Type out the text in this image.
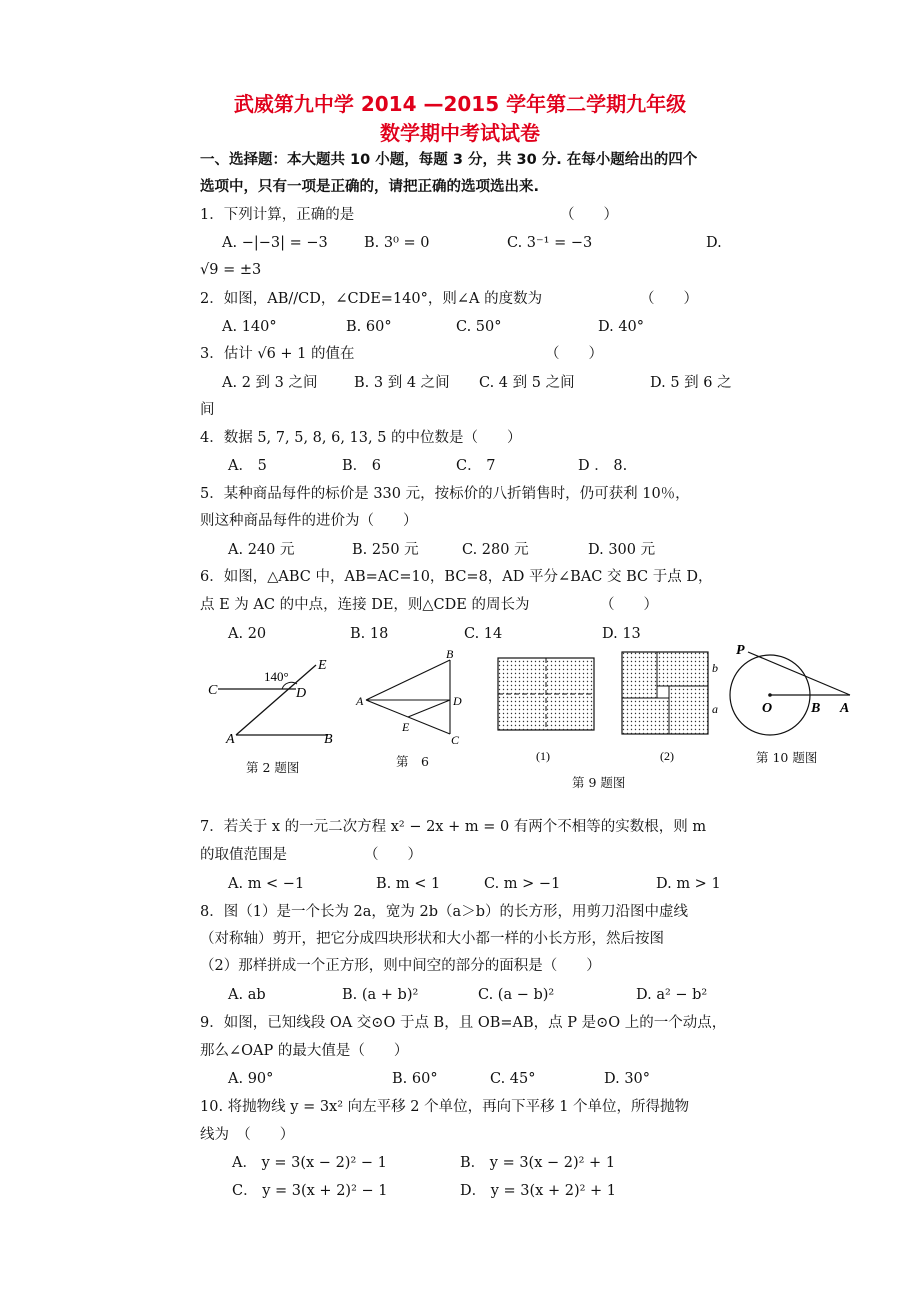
武威第九中学 2014 —2015 学年第二学期九年级
数学期中考试试卷
一、选择题：本大题共 10 小题，每题 3 分，共 30 分. 在每小题给出的四个
选项中，只有一项是正确的，请把正确的选项选出来.
1．下列计算，正确的是	（　　）
A. −|−3| = −3	B. 3⁰ = 0	C. 3⁻¹ = −3	D.
√9 = ±3
2．如图，AB//CD，∠CDE=140°，则∠A 的度数为	（　　）
A. 140°	B. 60°	C. 50°	D. 40°
3．估计 √6 + 1 的值在	（　　）
A. 2 到 3 之间	B. 3 到 4 之间 C. 4 到 5 之间	D. 5 到 6 之
间
4．数据 5, 7, 5, 8, 6, 13, 5 的中位数是（　　）
A． 5	B． 6	C． 7	D ． 8.
5．某种商品每件的标价是 330 元，按标价的八折销售时，仍可获利 10％，
则这种商品每件的进价为（　　）
A. 240 元	B. 250 元	C. 280 元	D. 300 元
6．如图，△ABC 中，AB=AC=10，BC=8，AD 平分∠BAC 交 BC 于点 D，
点 E 为 AC 的中点，连接 DE，则△CDE 的周长为	（　　）
A. 20	B. 18	C. 14	D. 13
140°
C	D
E
A	B
第 2 题图
A
B
C
D
E
第　6
b
a
(1)	(2)
第 9 题图
P
O	B A
第 10 题图
7．若关于 x 的一元二次方程 x² − 2x + m = 0 有两个不相等的实数根，则 m
的取值范围是	（　　）
A. m < −1	B. m < 1	C. m > −1	D. m > 1
8．图（1）是一个长为 2a，宽为 2b（a＞b）的长方形，用剪刀沿图中虚线
（对称轴）剪开，把它分成四块形状和大小都一样的小长方形，然后按图
（2）那样拼成一个正方形，则中间空的部分的面积是（　　）
A. ab	B. (a + b)²	C. (a − b)²	D. a² − b²
9．如图，已知线段 OA 交⊙O 于点 B，且 OB=AB，点 P 是⊙O 上的一个动点，
那么∠OAP 的最大值是（　　）
A. 90°	B. 60°	C. 45°	D. 30°
10. 将抛物线 y = 3x² 向左平移 2 个单位，再向下平移 1 个单位，所得抛物
线为　（　　）
A． y = 3(x − 2)² − 1	B． y = 3(x − 2)² + 1
C． y = 3(x + 2)² − 1	D． y = 3(x + 2)² + 1
